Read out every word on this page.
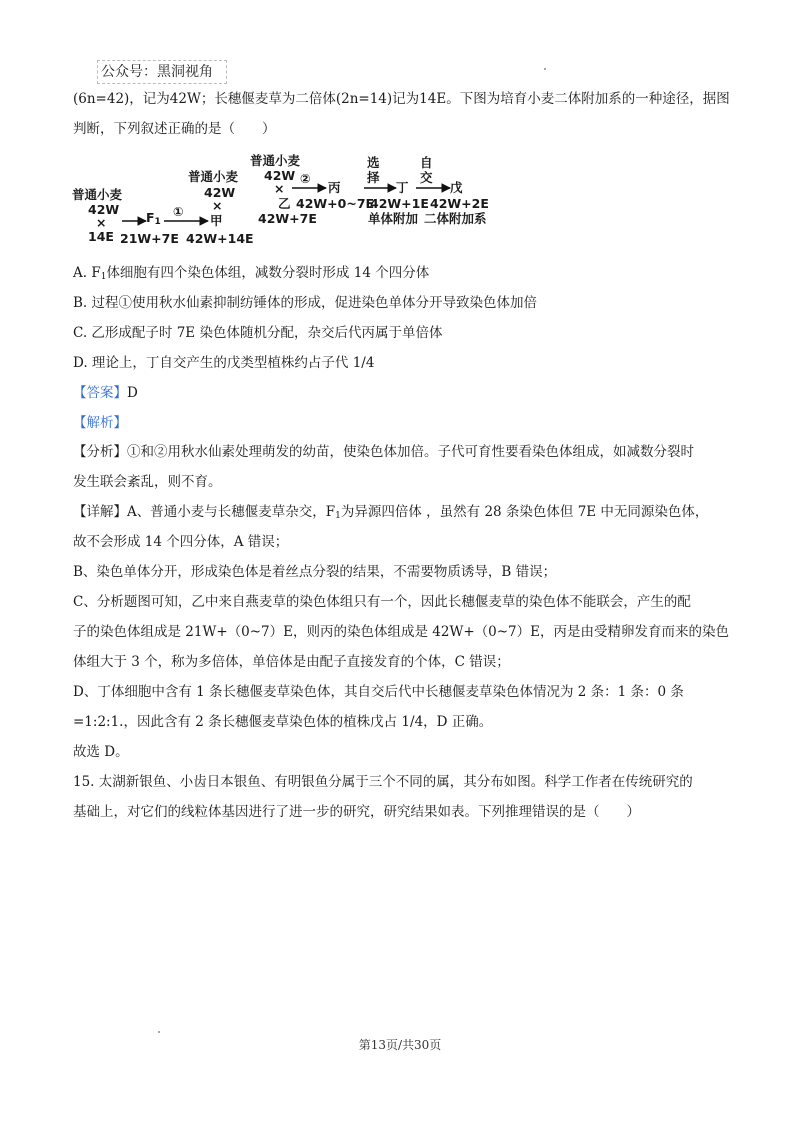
公众号：黑洞视角
(6n=42)，记为42W；长穗偃麦草为二倍体(2n=14)记为14E。下图为培育小麦二体附加系的一种途径，据图
判断，下列叙述正确的是（　　）
普通小麦
42W
×
14E
$F_1$
21W+7E
①
甲
42W+14E
普通小麦
42W
×	乙
42W+7E
普通小麦
42W
×
②
丙
42W+0~7E
选
择
丁
42W+1E
单体附加
自
交
戊
42W+2E
二体附加系
A. $F_1$体细胞有四个染色体组，减数分裂时形成 14 个四分体
B. 过程①使用秋水仙素抑制纺锤体的形成，促进染色单体分开导致染色体加倍
C. 乙形成配子时 7E 染色体随机分配，杂交后代丙属于单倍体
D. 理论上，丁自交产生的戊类型植株约占子代 1/4
【答案】D
【解析】
【分析】①和②用秋水仙素处理萌发的幼苗，使染色体加倍。子代可育性要看染色体组成，如减数分裂时
发生联会紊乱，则不育。
【详解】A、普通小麦与长穗偃麦草杂交，$F_1$为异源四倍体 ，虽然有 28 条染色体但 7E 中无同源染色体，
故不会形成 14 个四分体，A 错误；
B、染色单体分开，形成染色体是着丝点分裂的结果，不需要物质诱导，B 错误；
C、分析题图可知，乙中来自燕麦草的染色体组只有一个，因此长穗偃麦草的染色体不能联会，产生的配
子的染色体组成是 21W+（0~7）E，则丙的染色体组成是 42W+（0~7）E，丙是由受精卵发育而来的染色
体组大于 3 个，称为多倍体，单倍体是由配子直接发育的个体，C 错误；
D、丁体细胞中含有 1 条长穗偃麦草染色体，其自交后代中长穗偃麦草染色体情况为 2 条：1 条：0 条
=1:2:1.，因此含有 2 条长穗偃麦草染色体的植株戊占 1/4，D 正确。
故选 D。
15. 太湖新银鱼、小齿日本银鱼、有明银鱼分属于三个不同的属，其分布如图。科学工作者在传统研究的
基础上，对它们的线粒体基因进行了进一步的研究，研究结果如表。下列推理错误的是（　　）
第13页/共30页
